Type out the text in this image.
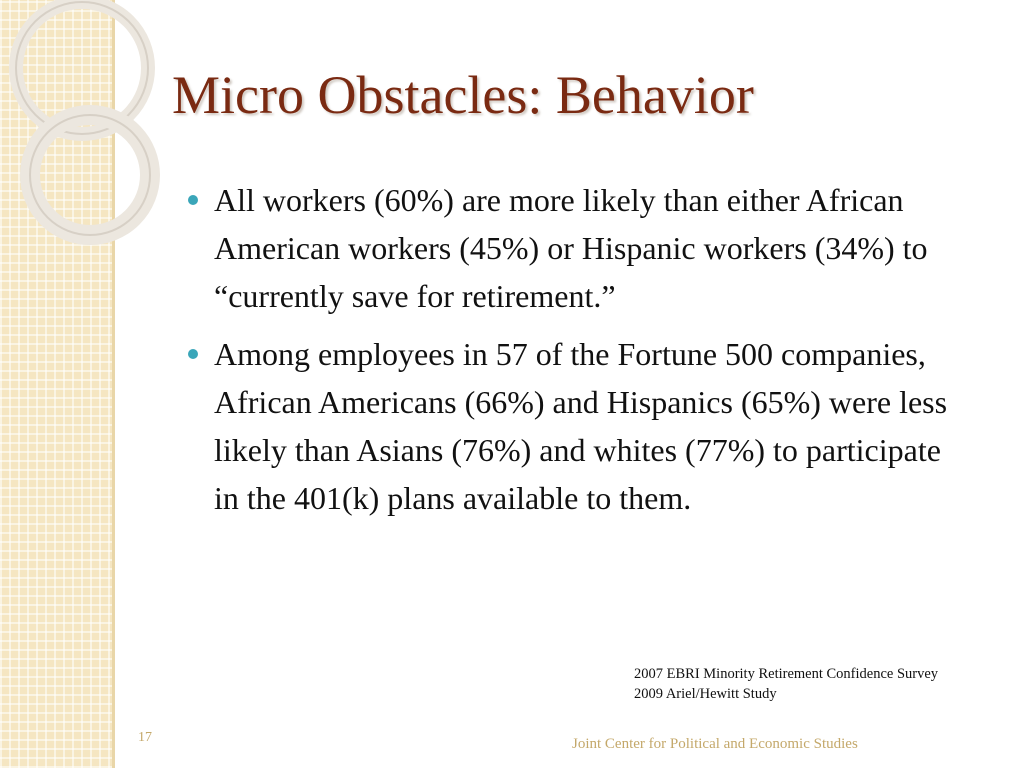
Micro Obstacles: Behavior
All workers (60%) are more likely than either African American workers (45%) or Hispanic workers (34%) to “currently save for retirement.”
Among employees in 57 of the Fortune 500 companies, African Americans (66%) and Hispanics (65%) were less likely than Asians (76%) and whites (77%) to participate in the 401(k) plans available to them.
2007 EBRI Minority Retirement Confidence Survey
2009 Ariel/Hewitt Study
17	Joint Center for Political and Economic Studies
